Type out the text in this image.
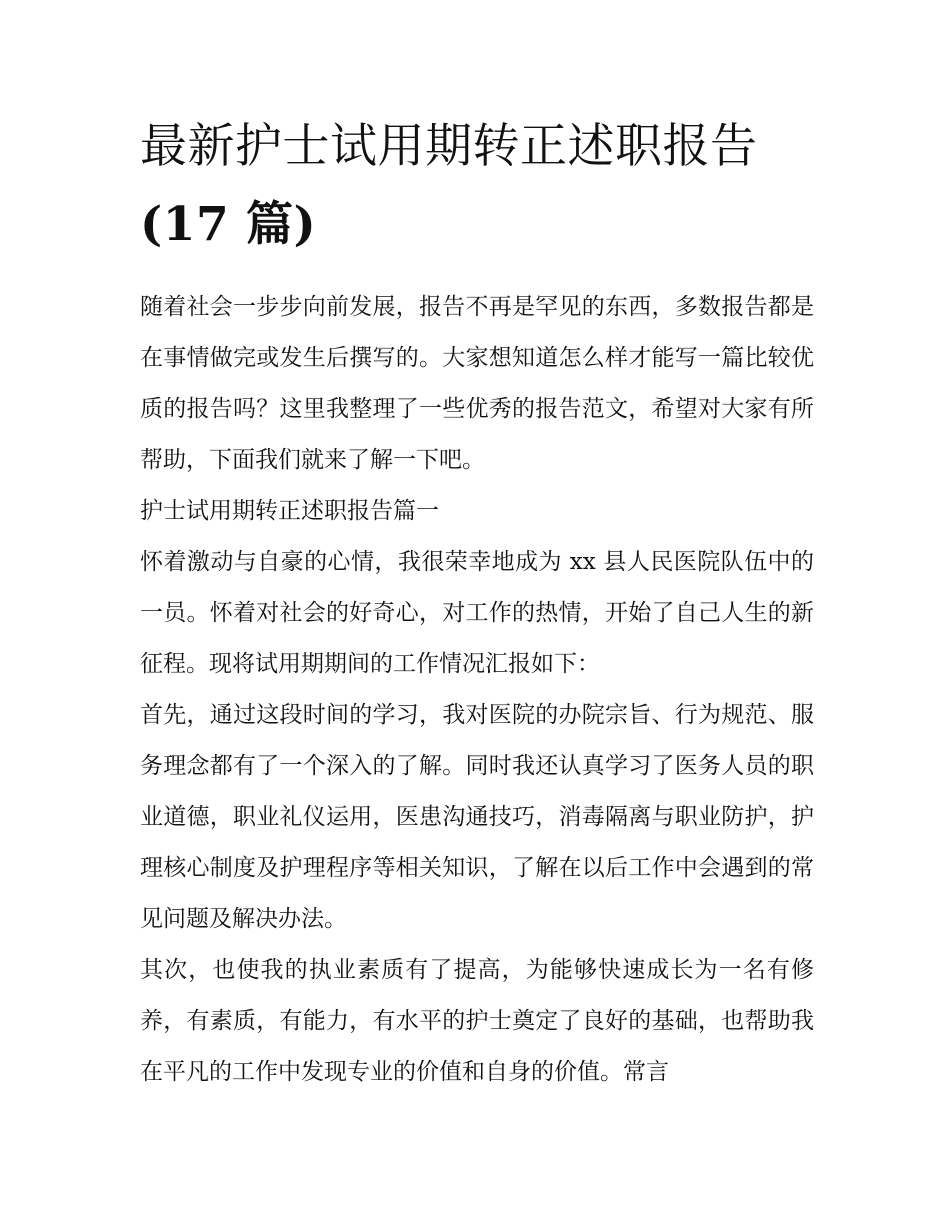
最新护士试用期转正述职报告
(17 篇)

随着社会一步步向前发展，报告不再是罕见的东西，多数报告都是在事情做完或发生后撰写的。大家想知道怎么样才能写一篇比较优质的报告吗？这里我整理了一些优秀的报告范文，希望对大家有所帮助，下面我们就来了解一下吧。

护士试用期转正述职报告篇一

怀着激动与自豪的心情，我很荣幸地成为 xx 县人民医院队伍中的一员。怀着对社会的好奇心，对工作的热情，开始了自己人生的新征程。现将试用期期间的工作情况汇报如下：

首先，通过这段时间的学习，我对医院的办院宗旨、行为规范、服务理念都有了一个深入的了解。同时我还认真学习了医务人员的职业道德，职业礼仪运用，医患沟通技巧，消毒隔离与职业防护，护理核心制度及护理程序等相关知识，了解在以后工作中会遇到的常见问题及解决办法。

其次，也使我的执业素质有了提高，为能够快速成长为一名有修养，有素质，有能力，有水平的护士奠定了良好的基础，也帮助我在平凡的工作中发现专业的价值和自身的价值。常言
